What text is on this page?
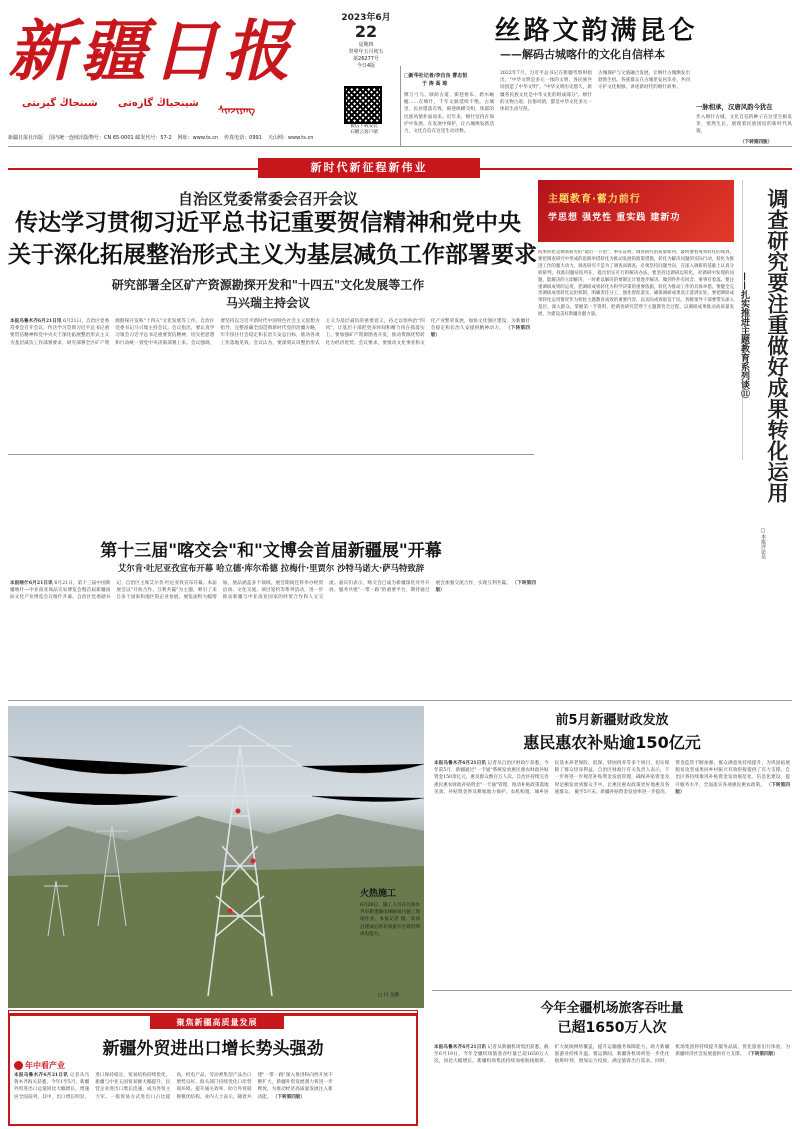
新疆日报
شىنجاڭ گېزىتى شينجياڭ گازەتى
ᠰᠢᠨᠵᠢᠶᠠᠩ
2023年6月
22
星期四
癸卯年五月初五
第26277号
今日4版
微信下载安装
石榴云客户端
新疆日报社出版 国内统一连续出版物号：CN 65-0001 邮发代号：57-2 网址：www.ts.cn 传真电话：0991 天山网：www.ts.cn
丝路文韵满昆仑
——解码古城喀什的文化自信样本
□新华社记者/李自良 曹志恒
于 涛 高 琼
牌刀弓马、绿荫古道、街巷密布、碧水蜿蜒……在喀什，千年文脉延续不绝。古城里，民居错落有致，街巷纵横交织，浓郁的民族风情扑面而来。近年来，喀什坚持在保护中发展、在发展中保护，让古城焕发新活力，文化自信在这里生动诠释。
2022年7月，习近平总书记在新疆考察时指出，"中华文明是多元一体的文明，各民族共同创造了中华文明"。"中华文明历史悠久，新疆各民族文化是中华文化的组成部分"。喀什的文物古迹、民俗风情，都是中华文化多元一体的生动写照。
古城保护与文旅融合发展，让喀什古城焕发出勃勃生机。各族群众在古城里安居乐业，共同守护文化根脉，讲述新时代的喀什故事。
一脉相承，汉唐风韵今犹在
步入喀什古城，文化自信的种子在这里生根发芽，悄然生长，展现着民族团结的新时代风貌。
（下转第四版）
新时代新征程新伟业
自治区党委常委会召开会议
传达学习贯彻习近平总书记重要贺信精神和党中央
关于深化拓展整治形式主义为基层减负工作部署要求
研究部署全区矿产资源勘探开发和"十四五"文化发展等工作
马兴瑞主持会议
本报乌鲁木齐6月21日讯 6月21日，自治区党委常委会召开会议，传达学习贯彻习近平总书记重要贺信精神和党中央关于深化拓展整治形式主义为基层减负工作部署要求，研究部署全区矿产资源勘探开发和"十四五"文化发展等工作。自治区党委书记马兴瑞主持会议。会议指出，要认真学习领会习近平总书记重要贺信精神，切实把思想和行动统一到党中央决策部署上来。会议强调，要坚持以习近平新时代中国特色社会主义思想为指导，完整准确全面贯彻新时代党的治疆方略，牢牢扭住社会稳定和长治久安总目标，推动各项工作落地见效。会议认为，要深刻认识整治形式主义为基层减负的重要意义，持之以恒纠治"四风"，让基层干部把更多时间和精力用在抓落实上。要加强矿产资源勘查开发，推动资源优势转化为经济优势。会议要求，要推动文化事业和文化产业繁荣发展，加快文化强区建设，为新疆社会稳定和长治久安提供精神动力。 （下转第四版）
主题教育·蓄力前行
学思想 强党性 重实践 建新功
成果转化是调查研究的"最后一公里"。事实证明，调查研究的质量如何，最终要看成果转化的成效。要把调查研究中形成的思路举措转化为推动发展的政策措施，转化为解决问题的实际行动，转化为推进工作的强大动力。调查研究不是为了调查而调查，必须坚持问题导向，在深入调研的基础上认真分析研判，找准问题症结所在，提出切实可行的解决办法。要坚持边调研边转化，对调研中发现的问题，能解决的立即解决，一时难以解决的要制定计划逐步解决，做到件件有回音、事事有着落。要注重调研成果的运用，把调研成果转化为科学决策的重要依据，转化为推动工作的具体举措。要健全完善调研成果转化运用机制，明确责任分工，强化督促落实，确保调研成果真正落到实处。要把调研成果转化运用情况作为检验主题教育成效的重要内容，以实际成效取信于民。各级领导干部要带头深入基层、深入群众，掌握第一手资料，把调查研究贯穿于主题教育全过程，以调研成果推动高质量发展，为建设美好新疆贡献力量。	调查研究要注重做好成果转化运用
——扎实推进主题教育系列谈⑪
□本报评论员
第十三届"喀交会"和"文博会首届新疆展"开幕
艾尔肯·吐尼亚孜宣布开幕 哈立德·库尔希德 拉梅什·里贾尔 沙特马诺大·萨马特致辞
本报喀什6月21日讯 6月21日，第十三届中国新疆喀什—中亚南亚商品交易博览会暨首届新疆国际文化产业博览会在喀什开幕。自治区党委副书记、自治区主席艾尔肯·吐尼亚孜宣布开幕。本届展会以"开放合作、互利共赢"为主题，吸引了来自多个国家和地区的企业参展，展览面积大幅增加，展品涵盖多个领域。展会期间还将举办经贸洽谈、文化交流、项目签约等系列活动，进一步推动新疆与中亚南亚国家的经贸合作和人文交流。嘉宾们表示，喀交会已成为新疆深化对外开放、服务共建"一带一路"的重要平台，期待通过展会加强交流合作，实现互利共赢。 （下转第四版）
火热施工
6月20日，施工人员在乌鲁木齐市新建输电线路项目施工现场作业。本报记者 摄。该项目建成后将有效提升区域电网供电能力。
□ 付 龙摄
前5月新疆财政发放
惠民惠农补贴逾150亿元
本报乌鲁木齐6月21日讯 记者从自治区财政厅获悉，今年前5月，新疆通过"一卡通"系统发放惠民惠农财政补贴资金150余亿元，惠及群众数百万人次。自治区持续完善惠民惠农财政补贴资金"一卡通"管理，推动补贴政策落地见效。补贴资金涉及耕地地力保护、农机购置、城乡居民基本养老保险、低保、特困供养等多个项目，切实保障了群众切身利益。自治区财政厅有关负责人表示，下一步将进一步规范补贴资金发放管理，确保补贴资金及时足额发放到群众手中，让惠民惠农政策更好地惠及各族群众。 截至5月末，新疆补贴资金发放率进一步提高，资金监管不断加强，群众满意度持续提升，为巩固拓展脱贫攻坚成果同乡村振兴有效衔接提供了有力支撑。自治区将持续推进补贴资金发放规范化、信息化建设，提升服务水平，全面落实各项惠民惠农政策。 （下转第四版）
聚焦新疆高质量发展
新疆外贸进出口增长势头强劲
年中看产业
本报乌鲁木齐6月21日讯 记者从乌鲁木齐海关获悉，今年1至5月，新疆外贸进出口总值同比大幅增长，增速居全国前列。其中，出口增长明显，进口保持稳定，贸易结构持续优化。新疆与中亚五国贸易额大幅提升，民营企业进出口增长迅速，成为外贸主力军。一般贸易方式进出口占比提高，机电产品、劳动密集型产品出口增势良好。海关部门持续优化口岸营商环境，提升通关效率，助力外贸稳规模优结构。业内人士表示，随着共建"一带一路"深入推进和向西开放不断扩大，新疆外贸发展潜力将进一步释放，为推动经济高质量发展注入新动能。 （下转第四版）
今年全疆机场旅客吞吐量
已超1650万人次
本报乌鲁木齐6月21日讯 记者从新疆机场集团获悉，截至6月19日，今年全疆机场旅客吞吐量已超1650万人次，同比大幅增长。新疆机场集团持续加密航线航班，扩大航线网络覆盖，提升运输服务保障能力，助力新疆旅游业持续升温。暑运期间，新疆各机场将进一步优化航班时刻，增加运力投放，满足旅客出行需求。同时，机场集团将持续提升服务品质，优化旅客出行体验，为新疆经济社会发展提供有力支撑。 （下转第四版）
